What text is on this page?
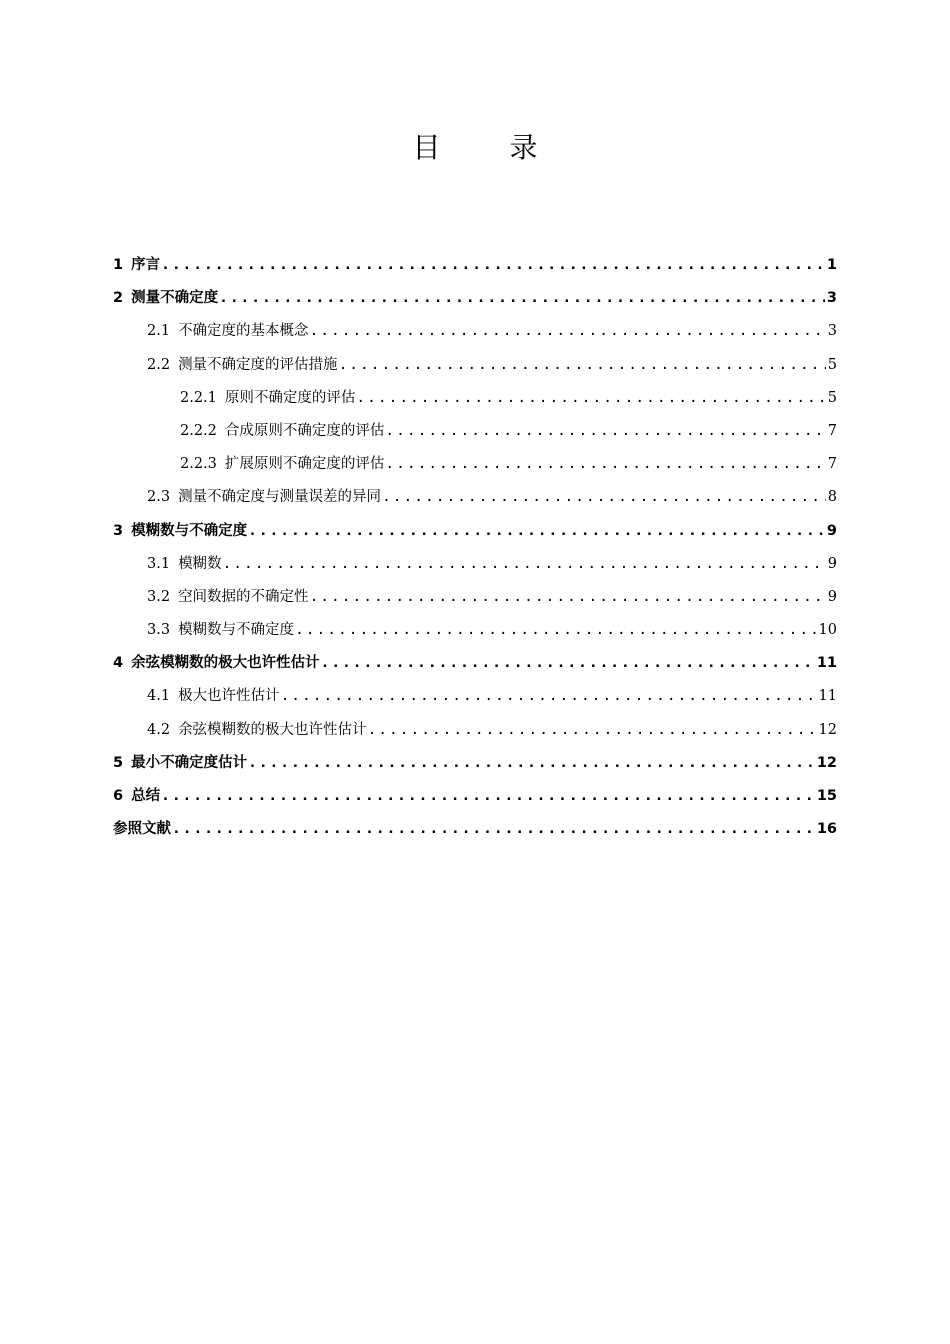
目 录
1 序言 .....	1
2 测量不确定度 .....	3
2.1 不确定度的基本概念 .....	3
2.2 测量不确定度的评估措施 .....	5
2.2.1 原则不确定度的评估 .....	5
2.2.2 合成原则不确定度的评估 .....	7
2.2.3 扩展原则不确定度的评估 .....	7
2.3 测量不确定度与测量误差的异同 .....	8
3 模糊数与不确定度 .....	9
3.1 模糊数 .....	9
3.2 空间数据的不确定性 .....	9
3.3 模糊数与不确定度 .....	10
4 余弦模糊数的极大也许性估计 .....	11
4.1 极大也许性估计 .....	11
4.2 余弦模糊数的极大也许性估计 .....	12
5 最小不确定度估计 .....	12
6 总结 .....	15
参照文献 .....	16
